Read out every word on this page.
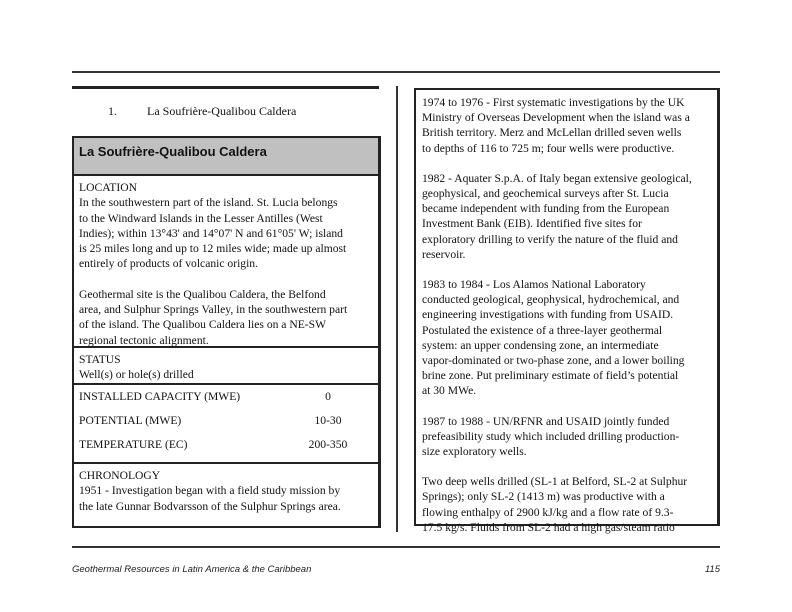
1.	La Soufrière-Qualibou Caldera
La Soufrière-Qualibou Caldera
LOCATION
In the southwestern part of the island. St. Lucia belongs
to the Windward Islands in the Lesser Antilles (West
Indies); within 13°43' and 14°07' N and 61°05' W; island
is 25 miles long and up to 12 miles wide; made up almost
entirely of products of volcanic origin.
Geothermal site is the Qualibou Caldera, the Belfond
area, and Sulphur Springs Valley, in the southwestern part
of the island. The Qualibou Caldera lies on a NE-SW
regional tectonic alignment.
STATUS
Well(s) or hole(s) drilled
INSTALLED CAPACITY (MWE)	0
POTENTIAL (MWE)	10-30
TEMPERATURE (ЕC)	200-350
CHRONOLOGY
1951 - Investigation began with a field study mission by
the late Gunnar Bodvarsson of the Sulphur Springs area.

1974 to 1976 - First systematic investigations by the UK
Ministry of Overseas Development when the island was a
British territory. Merz and McLellan drilled seven wells
to depths of 116 to 725 m; four wells were productive.

1982 - Aquater S.p.A. of Italy began extensive geological,
geophysical, and geochemical surveys after St. Lucia
became independent with funding from the European
Investment Bank (EIB). Identified five sites for
exploratory drilling to verify the nature of the fluid and
reservoir.

1983 to 1984 - Los Alamos National Laboratory
conducted geological, geophysical, hydrochemical, and
engineering investigations with funding from USAID.
Postulated the existence of a three-layer geothermal
system: an upper condensing zone, an intermediate
vapor-dominated or two-phase zone, and a lower boiling
brine zone. Put preliminary estimate of field’s potential
at 30 MWe.

1987 to 1988 - UN/RFNR and USAID jointly funded
prefeasibility study which included drilling production-
size exploratory wells.

Two deep wells drilled (SL-1 at Belford, SL-2 at Sulphur
Springs); only SL-2 (1413 m) was productive with a
flowing enthalpy of 2900 kJ/kg and a flow rate of 9.3-
17.5 kg/s. Fluids from SL-2 had a high gas/steam ratio

Geothermal Resources in Latin America & the Caribbean	115
